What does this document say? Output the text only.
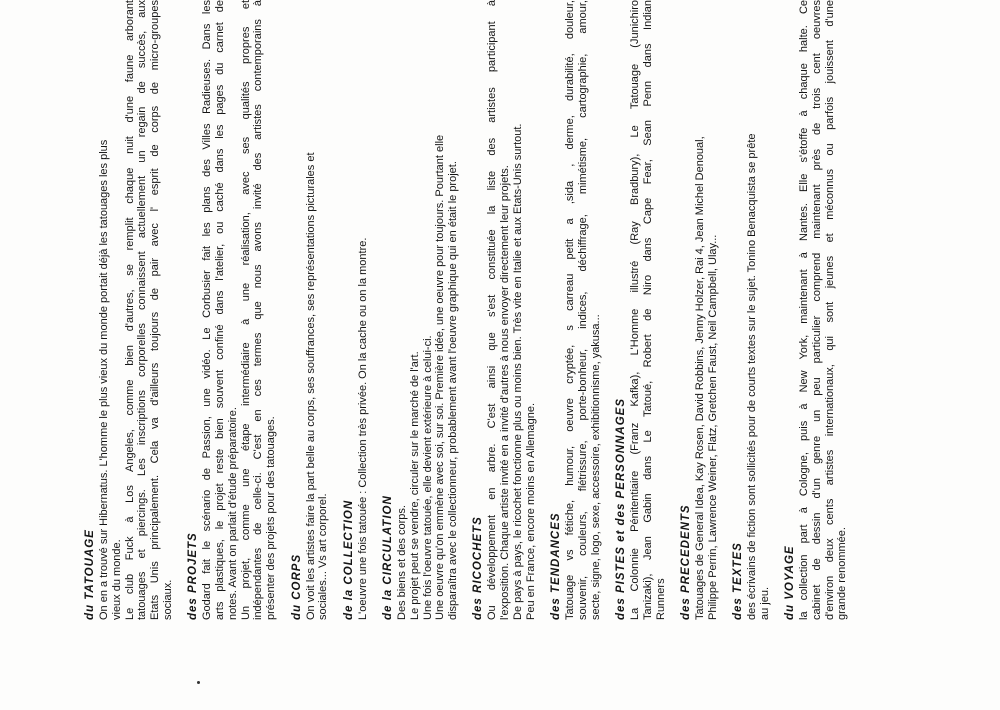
du TATOUAGE On en a trouvé sur Hibernatus. L'homme le plus vieux du monde portait déjà les tatouages les plus vieux du monde. Le club Fuck à Los Angeles, comme bien d'autres, se remplit chaque nuit d'une faune arborant tatouages et piercings. Les inscriptions corporelles connaissent actuellement un regain de succès, aux Etats Unis principalement. Cela va d'ailleurs toujours de pair avec l' esprit de corps de micro-groupes sociaux. des PROJETS Godard fait le scénario de Passion, une vidéo. Le Corbusier fait les plans des Villes Radieuses. Dans les arts plastiques, le projet reste bien souvent confiné dans l'atelier, ou caché dans les pages du carnet de notes. Avant on parlait d'étude préparatoire. Un projet, comme une étape intermédiaire à une réalisation, avec ses qualités propres et indépendantes de celle-ci. C'est en ces termes que nous avons invité des artistes contemporains à présenter des projets pour des tatouages. du CORPS On voit les artistes faire la part belle au corps, ses souffrances, ses représentations picturales et sociales... Vs art corporel. de la COLLECTION L'oeuvre une fois tatouée : Collection très privée. On la cache ou on la montre. de la CIRCULATION Des biens et des corps. Le projet peut se vendre, circuler sur le marché de l'art. Une fois l'oeuvre tatouée, elle devient extérieure à celui-ci. Une oeuvre qu'on emmène avec soi, sur soi. Première idée, une oeuvre pour toujours. Pourtant elle disparaîtra avec le collectionneur, probablement avant l'oeuvre graphique qui en était le projet. des RICOCHETS Ou développement en arbre. C'est ainsi que s'est constituée la liste des artistes participant à l'exposition. Chaque artiste invité en a invité d'autres à nous envoyer directement leur projets. De pays à pays, le ricochet fonctionne plus ou moins bien. Très vite en Italie et aux Etats-Unis surtout. Peu en France, encore moins en Allemagne. des TENDANCES Tatouage vs fétiche, humour, oeuvre cryptée, s carreau petit a ,sida , derme, durabilité, douleur, souvenir, couleurs, flétrissure, porte-bonheur, indices, déchiffrage, mimétisme, cartographie, amour, secte, signe, logo, sexe, accessoire, exhibitionnisme, yakusa... des PISTES et des PERSONNAGES La Colonnie Pénitentiaire (Franz Kafka), L'Homme illustré (Ray Bradbury), Le Tatouage (Junichiro Tanizaki), Jean Gabin dans Le Tatoué, Robert de Niro dans Cape Fear, Sean Penn dans Indian Runners des PRECEDENTS Tatouages de General Idea, Kay Rosen, David Robbins, Jenny Holzer, Rai 4, Jean Michel Denoual, Philippe Perrin, Lawrence Weiner, Flatz, Gretchen Faust, Neil Campbell, Ulay... des TEXTES des écrivains de fiction sont sollicités pour de courts textes sur le sujet. Tonino Benacquista se prête au jeu. du VOYAGE la collection part à Cologne, puis à New York, maintenant à Nantes. Elle s'étoffe à chaque halte. Ce cabinet de dessin d'un genre un peu particulier comprend maintenant près de trois cent oeuvres d'environ deux cents artistes internationaux, qui sont jeunes et méconnus ou parfois jouissent d'une grande renommée.
